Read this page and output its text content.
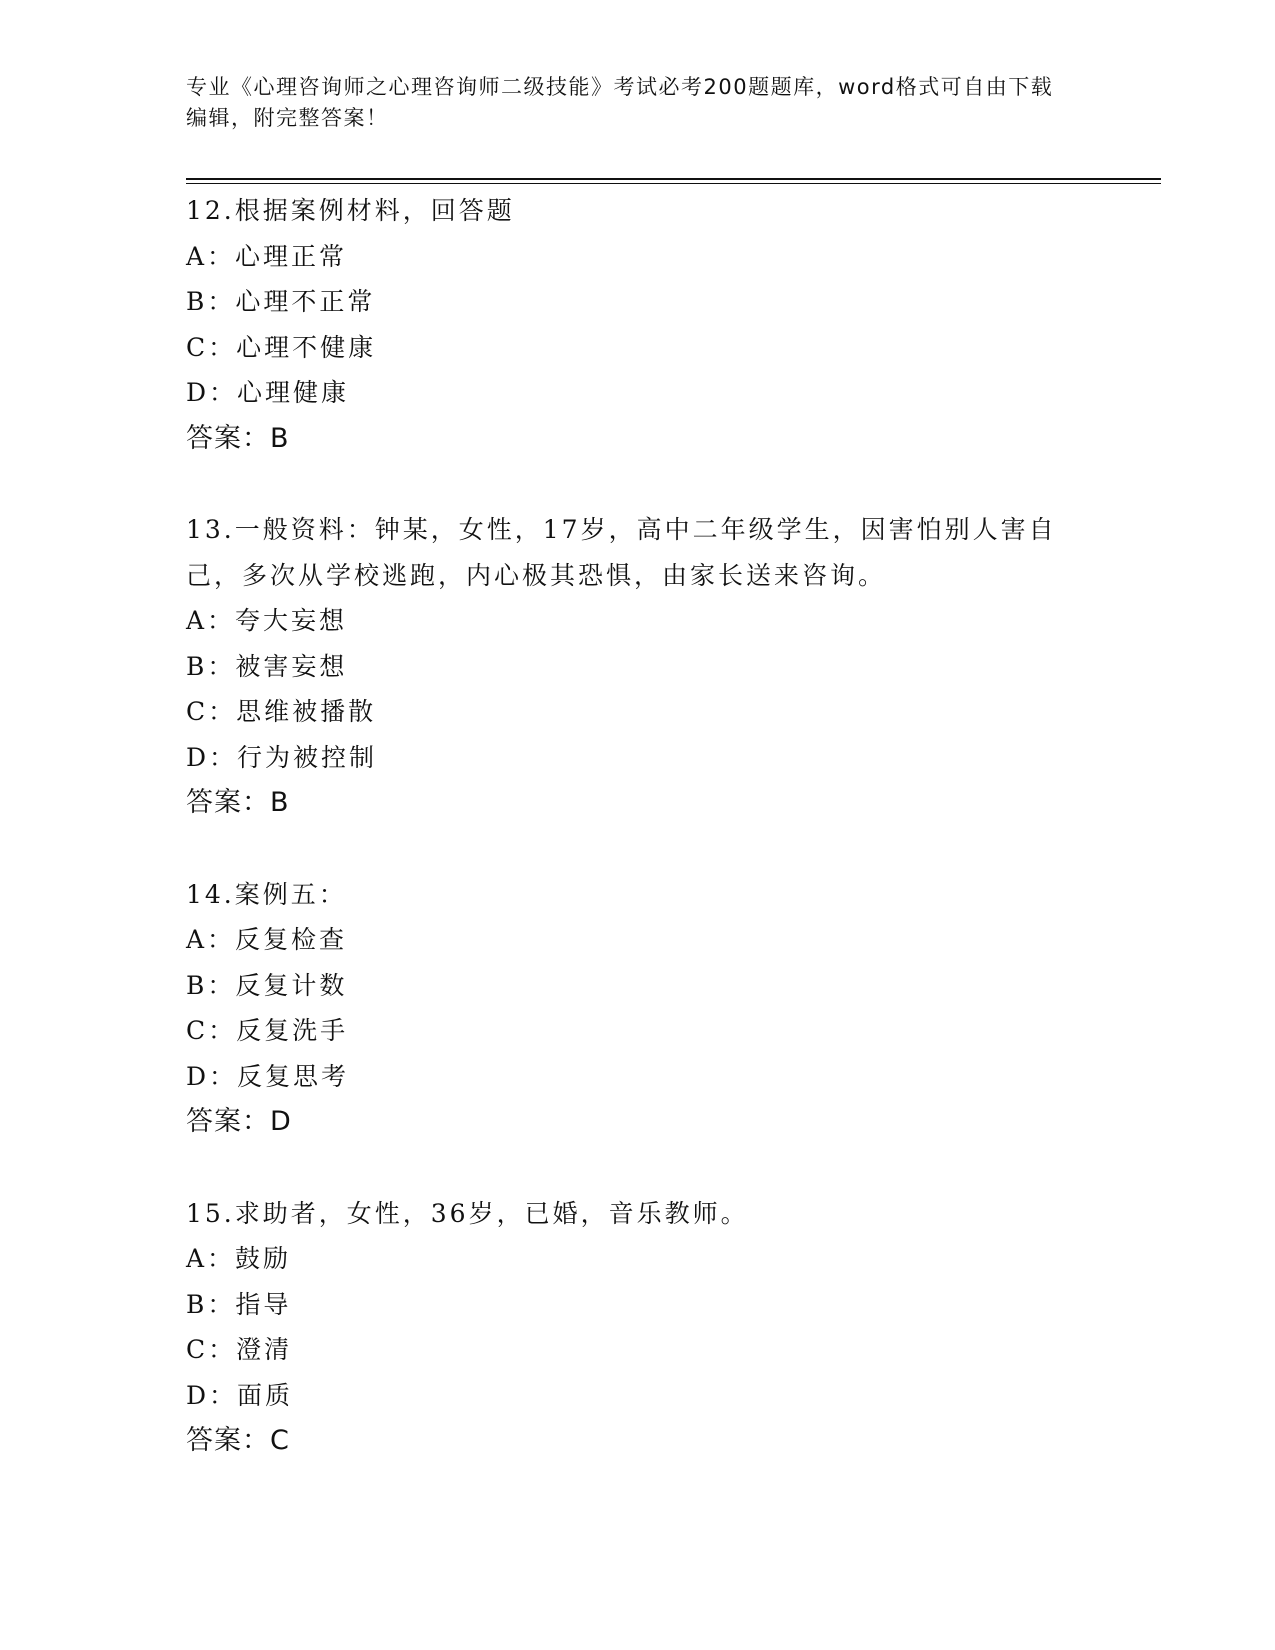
专业《心理咨询师之心理咨询师二级技能》考试必考200题题库，word格式可自由下载编辑，附完整答案！
12.根据案例材料，回答题
A：心理正常
B：心理不正常
C：心理不健康
D：心理健康
答案：B
13.一般资料：钟某，女性，17岁，高中二年级学生，因害怕别人害自己，多次从学校逃跑，内心极其恐惧，由家长送来咨询。
A：夸大妄想
B：被害妄想
C：思维被播散
D：行为被控制
答案：B
14.案例五：
A：反复检查
B：反复计数
C：反复洗手
D：反复思考
答案：D
15.求助者，女性，36岁，已婚，音乐教师。
A：鼓励
B：指导
C：澄清
D：面质
答案：C
